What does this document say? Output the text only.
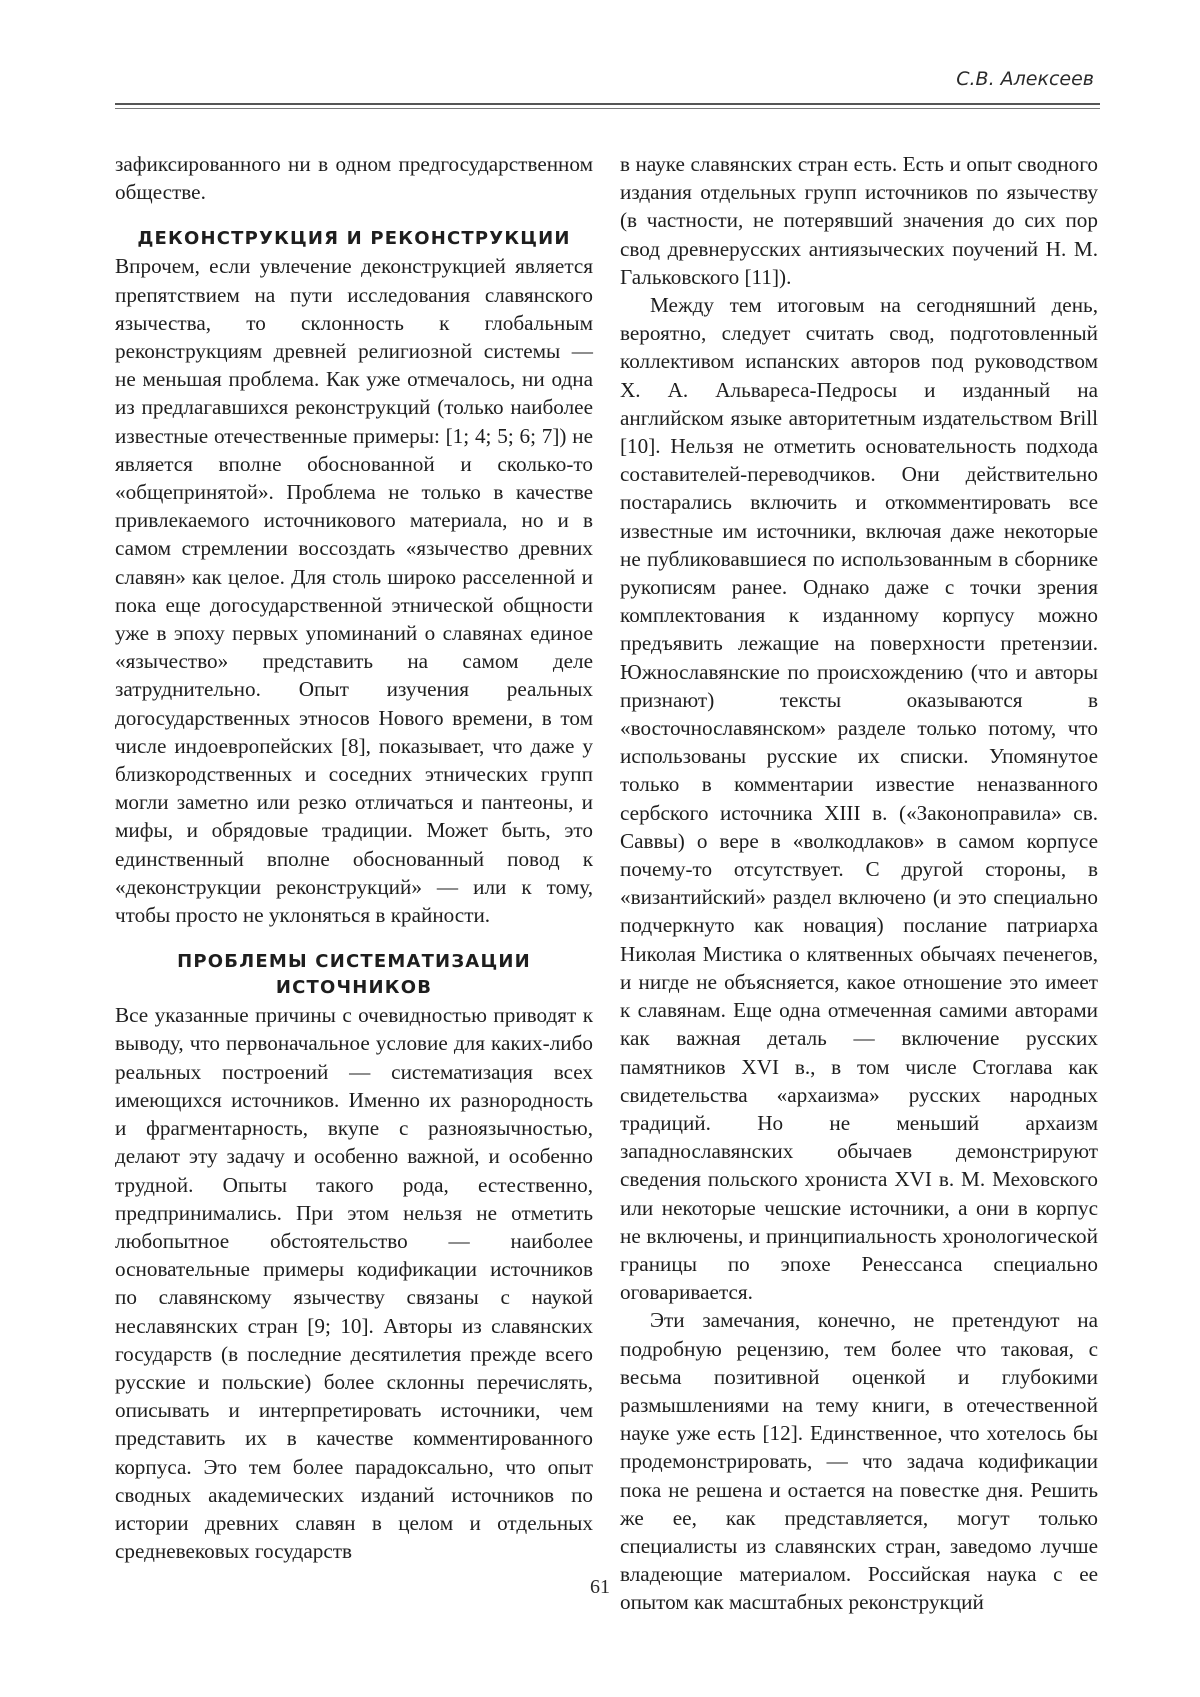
С.В. Алексеев

зафиксированного ни в одном предгосударственном обществе.

ДЕКОНСТРУКЦИЯ И РЕКОНСТРУКЦИИ

Впрочем, если увлечение деконструкцией является препятствием на пути исследования славянского язычества, то склонность к глобальным реконструкциям древней религиозной системы — не меньшая проблема. Как уже отмечалось, ни одна из предлагавшихся реконструкций (только наиболее известные отечественные примеры: [1; 4; 5; 6; 7]) не является вполне обоснованной и сколько-то «общепринятой». Проблема не только в качестве привлекаемого источникового материала, но и в самом стремлении воссоздать «язычество древних славян» как целое. Для столь широко расселенной и пока еще догосударственной этнической общности уже в эпоху первых упоминаний о славянах единое «язычество» представить на самом деле затруднительно. Опыт изучения реальных догосударственных этносов Нового времени, в том числе индоевропейских [8], показывает, что даже у близкородственных и соседних этнических групп могли заметно или резко отличаться и пантеоны, и мифы, и обрядовые традиции. Может быть, это единственный вполне обоснованный повод к «деконструкции реконструкций» — или к тому, чтобы просто не уклоняться в крайности.

ПРОБЛЕМЫ СИСТЕМАТИЗАЦИИ ИСТОЧНИКОВ

Все указанные причины с очевидностью приводят к выводу, что первоначальное условие для каких-либо реальных построений — систематизация всех имеющихся источников. Именно их разнородность и фрагментарность, вкупе с разноязычностью, делают эту задачу и особенно важной, и особенно трудной. Опыты такого рода, естественно, предпринимались. При этом нельзя не отметить любопытное обстоятельство — наиболее основательные примеры кодификации источников по славянскому язычеству связаны с наукой неславянских стран [9; 10]. Авторы из славянских государств (в последние десятилетия прежде всего русские и польские) более склонны перечислять, описывать и интерпретировать источники, чем представить их в качестве комментированного корпуса. Это тем более парадоксально, что опыт сводных академических изданий источников по истории древних славян в целом и отдельных средневековых государств

в науке славянских стран есть. Есть и опыт сводного издания отдельных групп источников по язычеству (в частности, не потерявший значения до сих пор свод древнерусских антиязыческих поучений Н. М. Гальковского [11]).

Между тем итоговым на сегодняшний день, вероятно, следует считать свод, подготовленный коллективом испанских авторов под руководством Х. А. Альвареса-Педросы и изданный на английском языке авторитетным издательством Brill [10]. Нельзя не отметить основательность подхода составителей-переводчиков. Они действительно постарались включить и откомментировать все известные им источники, включая даже некоторые не публиковавшиеся по использованным в сборнике рукописям ранее. Однако даже с точки зрения комплектования к изданному корпусу можно предъявить лежащие на поверхности претензии. Южнославянские по происхождению (что и авторы признают) тексты оказываются в «восточнославянском» разделе только потому, что использованы русские их списки. Упомянутое только в комментарии известие неназванного сербского источника XIII в. («Законоправила» св. Саввы) о вере в «волкодлаков» в самом корпусе почему-то отсутствует. С другой стороны, в «византийский» раздел включено (и это специально подчеркнуто как новация) послание патриарха Николая Мистика о клятвенных обычаях печенегов, и нигде не объясняется, какое отношение это имеет к славянам. Еще одна отмеченная самими авторами как важная деталь — включение русских памятников XVI в., в том числе Стоглава как свидетельства «архаизма» русских народных традиций. Но не меньший архаизм западнославянских обычаев демонстрируют сведения польского хрониста XVI в. М. Меховского или некоторые чешские источники, а они в корпус не включены, и принципиальность хронологической границы по эпохе Ренессанса специально оговаривается.

Эти замечания, конечно, не претендуют на подробную рецензию, тем более что таковая, с весьма позитивной оценкой и глубокими размышлениями на тему книги, в отечественной науке уже есть [12]. Единственное, что хотелось бы продемонстрировать, — что задача кодификации пока не решена и остается на повестке дня. Решить же ее, как представляется, могут только специалисты из славянских стран, заведомо лучше владеющие материалом. Российская наука с ее опытом как масштабных реконструкций

61
